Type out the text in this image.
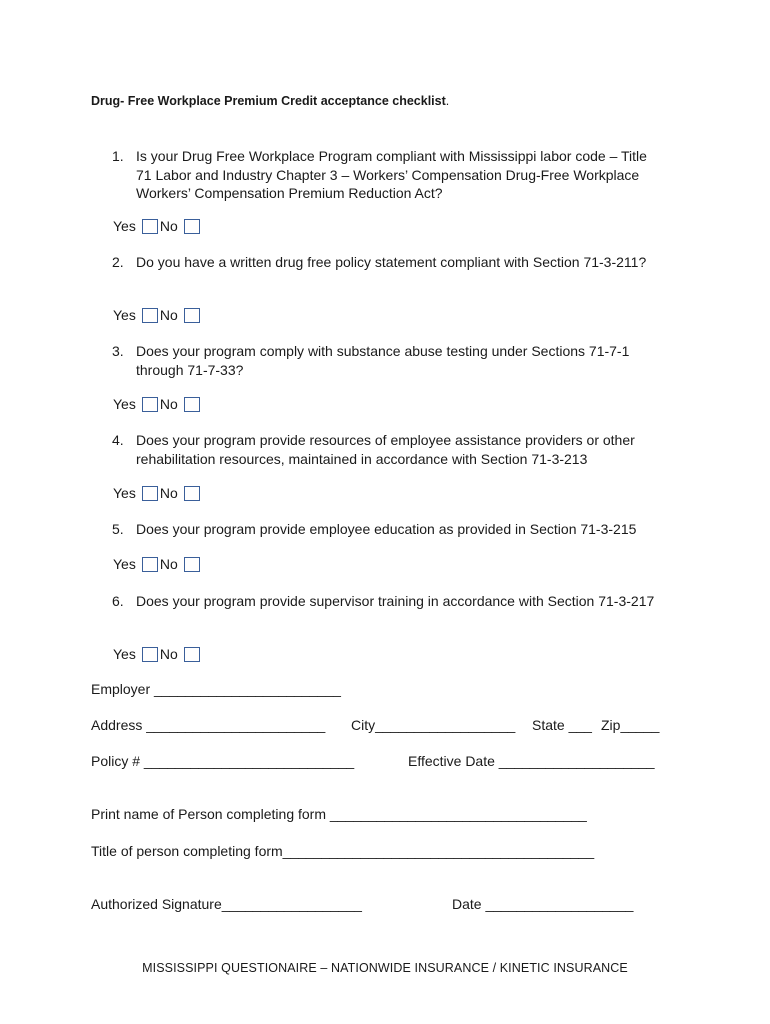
Drug- Free Workplace Premium Credit acceptance checklist.
1. Is your Drug Free Workplace Program compliant with Mississippi labor code – Title 71 Labor and Industry Chapter 3 – Workers’ Compensation Drug-Free Workplace Workers’ Compensation Premium Reduction Act?
Yes No
2. Do you have a written drug free policy statement compliant with Section 71-3-211?
Yes No
3. Does your program comply with substance abuse testing under Sections 71-7-1 through 71-7-33?
Yes No
4. Does your program provide resources of employee assistance providers or other rehabilitation resources, maintained in accordance with Section 71-3-213
Yes No
5. Does your program provide employee education as provided in Section 71-3-215
Yes No
6. Does your program provide supervisor training in accordance with Section 71-3-217
Yes No
Employer ________________________
Address _______________________ City__________________ State ___ Zip_____
Policy # ___________________________	Effective Date ____________________
Print name of Person completing form _________________________________
Title of person completing form________________________________________
Authorized Signature__________________	Date ___________________
MISSISSIPPI QUESTIONAIRE – NATIONWIDE INSURANCE / KINETIC INSURANCE
